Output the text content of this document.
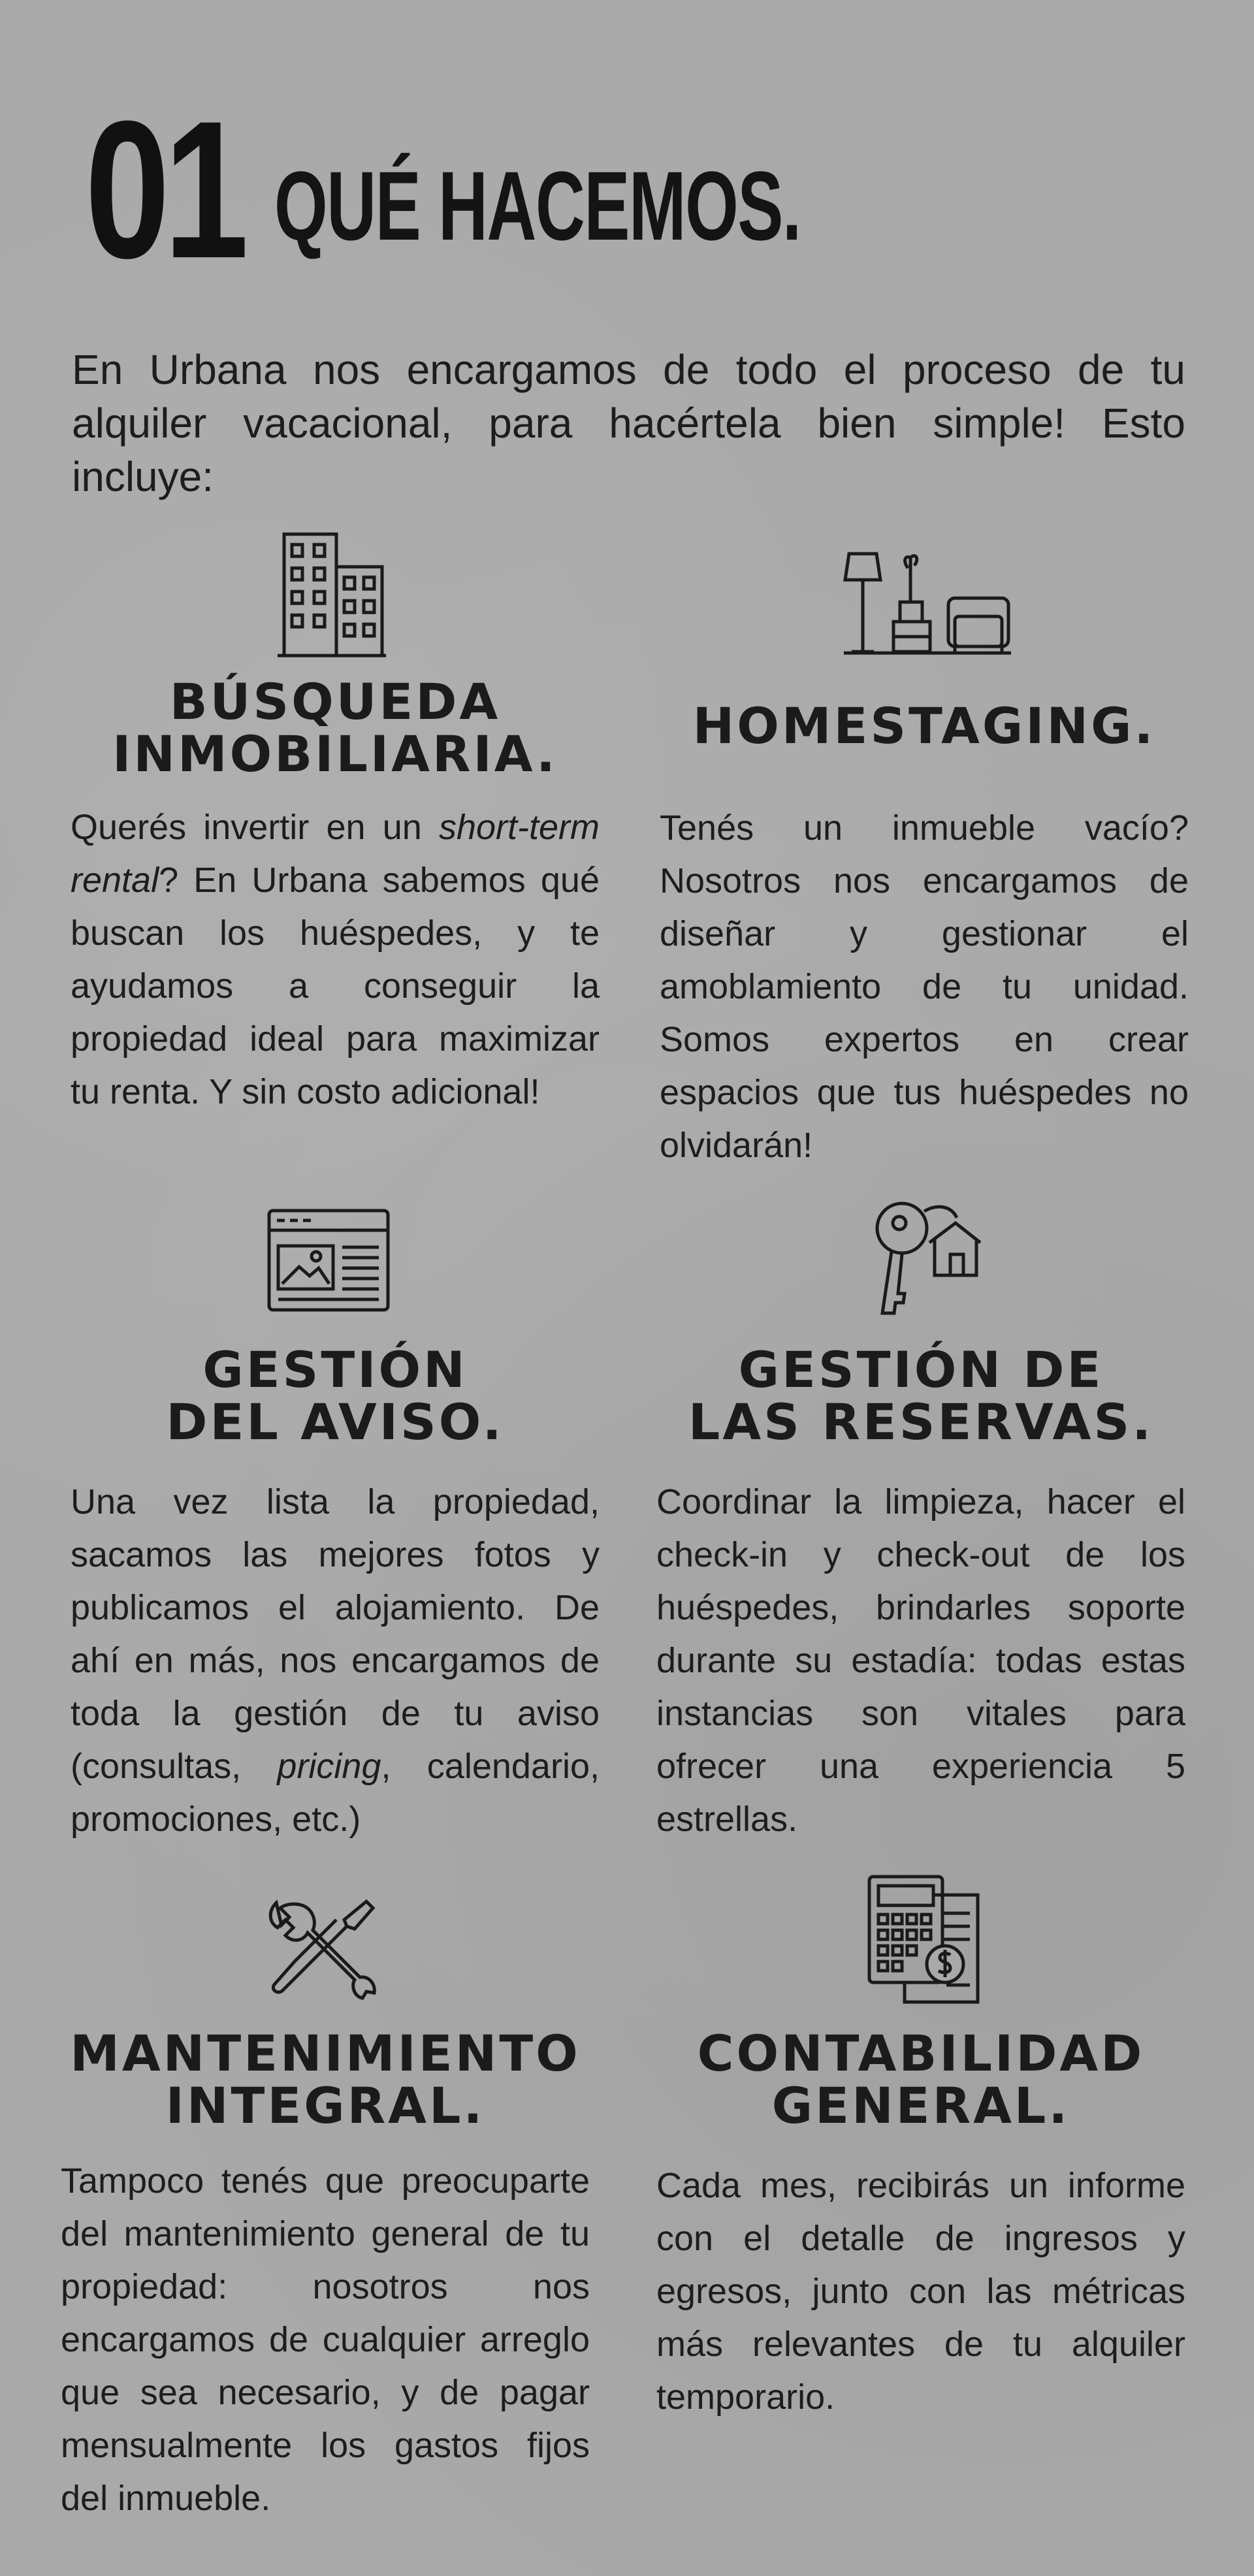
01 QUÉ HACEMOS.
En Urbana nos encargamos de todo el proceso de tu alquiler vacacional, para hacértela bien simple! Esto incluye:
BÚSQUEDA
INMOBILIARIA.
Querés invertir en un short-term rental? En Urbana sabemos qué buscan los huéspedes, y te ayudamos a conseguir la propiedad ideal para maximizar tu renta. Y sin costo adicional!
HOMESTAGING.
Tenés un inmueble vacío? Nosotros nos encargamos de diseñar y gestionar el amoblamiento de tu unidad. Somos expertos en crear espacios que tus huéspedes no olvidarán!
GESTIÓN
DEL AVISO.
Una vez lista la propiedad, sacamos las mejores fotos y publicamos el alojamiento. De ahí en más, nos encargamos de toda la gestión de tu aviso (consultas, pricing, calendario, promociones, etc.)
GESTIÓN DE
LAS RESERVAS.
Coordinar la limpieza, hacer el check-in y check-out de los huéspedes, brindarles soporte durante su estadía: todas estas instancias son vitales para ofrecer una experiencia 5 estrellas.
MANTENIMIENTO
INTEGRAL.
Tampoco tenés que preocuparte del mantenimiento general de tu propiedad: nosotros nos encargamos de cualquier arreglo que sea necesario, y de pagar mensualmente los gastos fijos del inmueble.
CONTABILIDAD
GENERAL.
Cada mes, recibirás un informe con el detalle de ingresos y egresos, junto con las métricas más relevantes de tu alquiler temporario.
